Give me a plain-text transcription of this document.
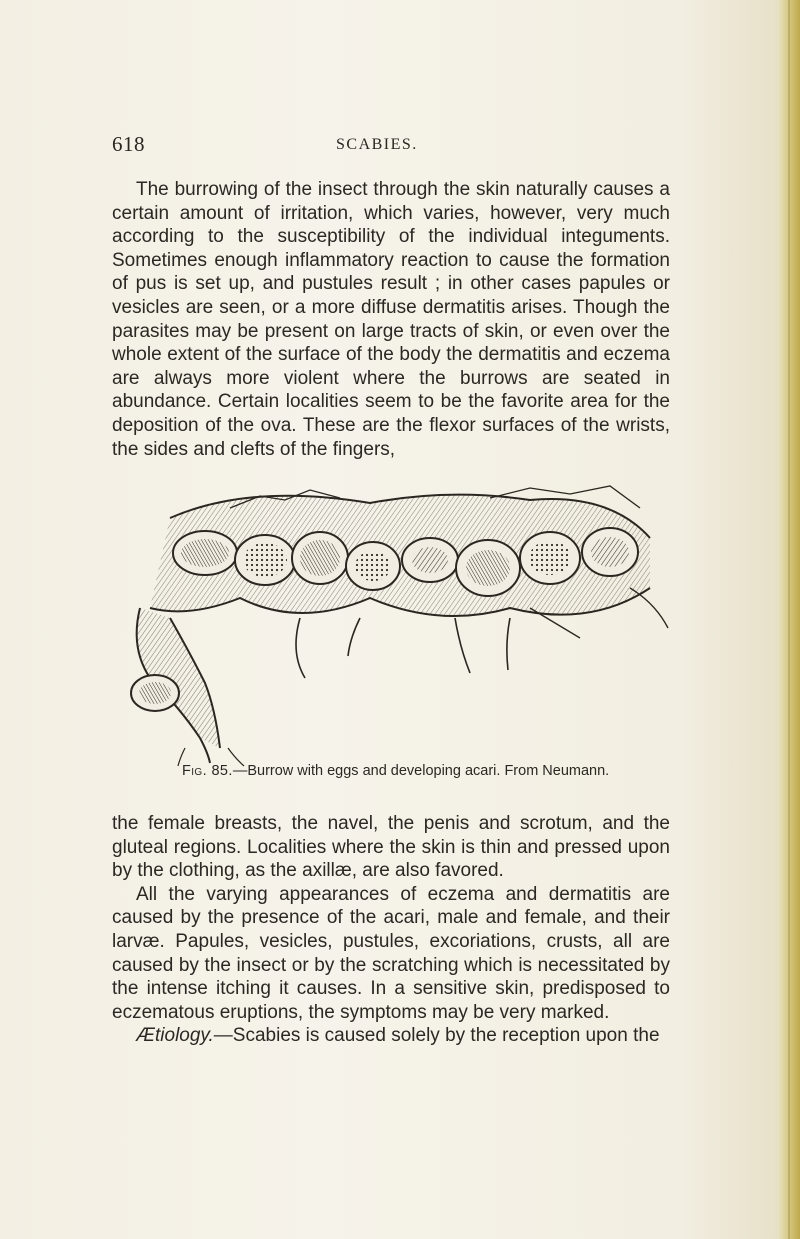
618	SCABIES.

The burrowing of the insect through the skin naturally causes a certain amount of irritation, which varies, however, very much according to the susceptibility of the individual integuments. Sometimes enough inflammatory reaction to cause the formation of pus is set up, and pustules result ; in other cases papules or vesicles are seen, or a more diffuse dermatitis arises. Though the parasites may be present on large tracts of skin, or even over the whole extent of the surface of the body the dermatitis and eczema are always more violent where the burrows are seated in abundance. Certain localities seem to be the favorite area for the deposition of the ova. These are the flexor surfaces of the wrists, the sides and clefts of the fingers,

Fig. 85.—Burrow with eggs and developing acari. From Neumann.

the female breasts, the navel, the penis and scrotum, and the gluteal regions. Localities where the skin is thin and pressed upon by the clothing, as the axillæ, are also favored.

All the varying appearances of eczema and dermatitis are caused by the presence of the acari, male and female, and their larvæ. Papules, vesicles, pustules, excoriations, crusts, all are caused by the insect or by the scratching which is necessitated by the intense itching it causes. In a sensitive skin, predisposed to eczematous eruptions, the symptoms may be very marked.

Ætiology.—Scabies is caused solely by the reception upon the
